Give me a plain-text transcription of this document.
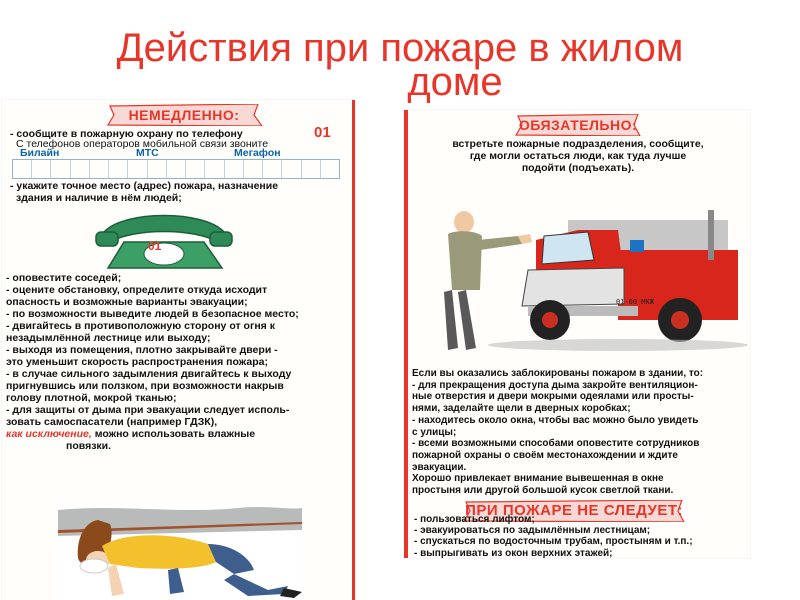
Действия при пожаре в жилом
доме
НЕМЕДЛЕННО:
- сообщите в пожарную охрану по телефону	01
С телефонов операторов мобильной связи звоните
Билайн	МТС	Мегафон
- укажите точное место (адрес) пожара, назначение
здания и наличие в нём людей;
01
- оповестите соседей;
- оцените обстановку, определите откуда исходит
опасность и возможные варианты эвакуации;
- по возможности выведите людей в безопасное место;
- двигайтесь в противоположную сторону от огня к
незадымлённой лестнице или выходу;
- выходя из помещения, плотно закрывайте двери -
это уменьшит скорость распространения пожара;
- в случае сильного задымления двигайтесь к выходу
пригнувшись или ползком, при возможности накрыв
голову плотной, мокрой тканью;
- для защиты от дыма при эвакуации следует исполь-
зовать самоспасатели (например ГДЗК),
как исключение, можно использовать влажные
повязки.
ОБЯЗАТЕЛЬНО:
встретьте пожарные подразделения, сообщите,
где могли остаться люди, как туда лучше
подойти (подъехать).
01-00 МКЖ
Если вы оказались заблокированы пожаром в здании, то:
- для прекращения доступа дыма закройте вентиляцион-
ные отверстия и двери мокрыми одеялами или просты-
нями, заделайте щели в дверных коробках;
- находитесь около окна, чтобы вас можно было увидеть
с улицы;
- всеми возможными способами оповестите сотрудников
пожарной охраны о своём местонахождении и ждите
эвакуации.
Хорошо привлекает внимание вывешенная в окне
простыня или другой большой кусок светлой ткани.
ПРИ ПОЖАРЕ НЕ СЛЕДУЕТ:
- пользоваться лифтом;
- эвакуироваться по задымлённым лестницам;
- спускаться по водосточным трубам, простыням и т.п.;
- выпрыгивать из окон верхних этажей;
